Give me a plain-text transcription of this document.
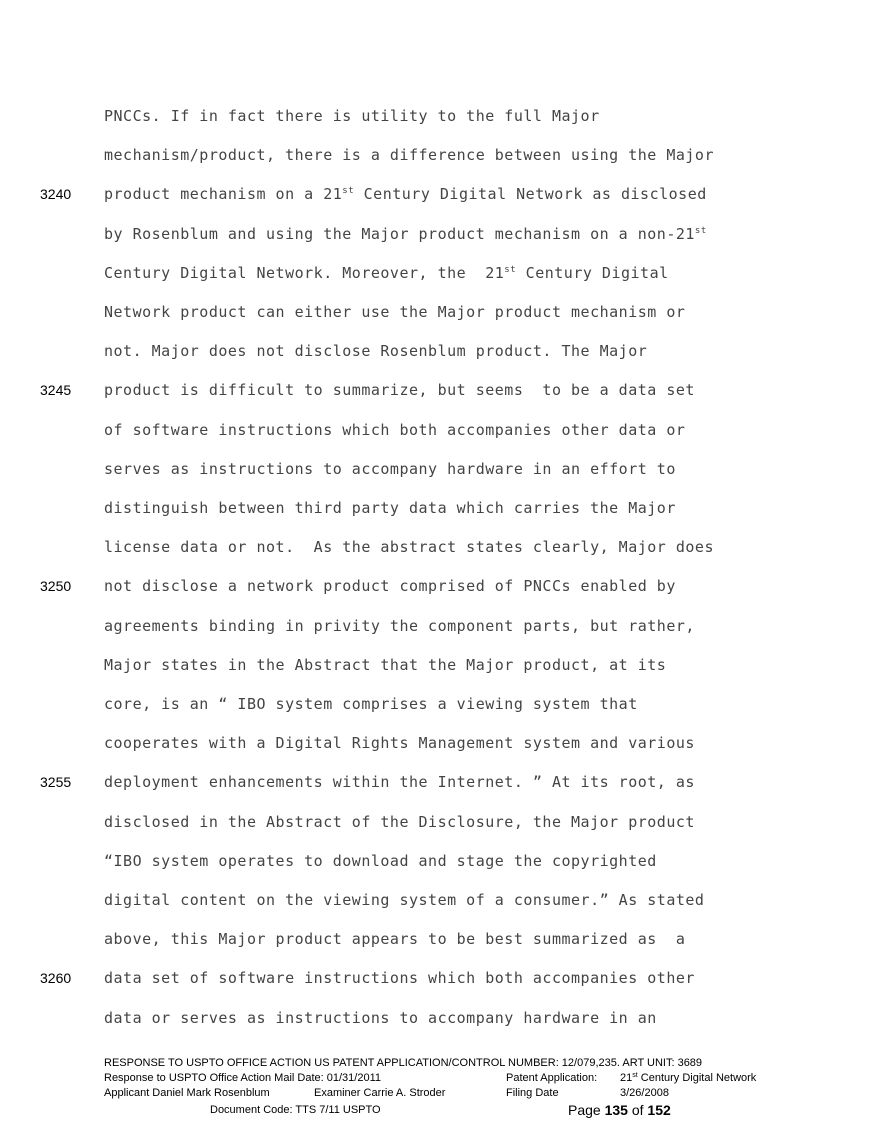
PNCCs. If in fact there is utility to the full Major
mechanism/product, there is a difference between using the Major
product mechanism on a 21st Century Digital Network as disclosed
by Rosenblum and using the Major product mechanism on a non-21st
Century Digital Network. Moreover, the  21st Century Digital
Network product can either use the Major product mechanism or
not. Major does not disclose Rosenblum product. The Major
product is difficult to summarize, but seems  to be a data set
of software instructions which both accompanies other data or
serves as instructions to accompany hardware in an effort to
distinguish between third party data which carries the Major
license data or not.  As the abstract states clearly, Major does
not disclose a network product comprised of PNCCs enabled by
agreements binding in privity the component parts, but rather,
Major states in the Abstract that the Major product, at its
core, is an “ IBO system comprises a viewing system that
cooperates with a Digital Rights Management system and various
deployment enhancements within the Internet. ” At its root, as
disclosed in the Abstract of the Disclosure, the Major product
“IBO system operates to download and stage the copyrighted
digital content on the viewing system of a consumer.” As stated
above, this Major product appears to be best summarized as  a
data set of software instructions which both accompanies other
data or serves as instructions to accompany hardware in an
3240
3245
3250
3255
3260
RESPONSE TO USPTO OFFICE ACTION US PATENT APPLICATION/CONTROL NUMBER: 12/079,235. ART UNIT: 3689
Response to USPTO Office Action Mail Date: 01/31/2011	Patent Application: 21st Century Digital Network
Applicant Daniel Mark Rosenblum	Examiner Carrie A. Stroder	Filing Date	3/26/2008
Document Code: TTS 7/11 USPTO	Page 135 of 152
